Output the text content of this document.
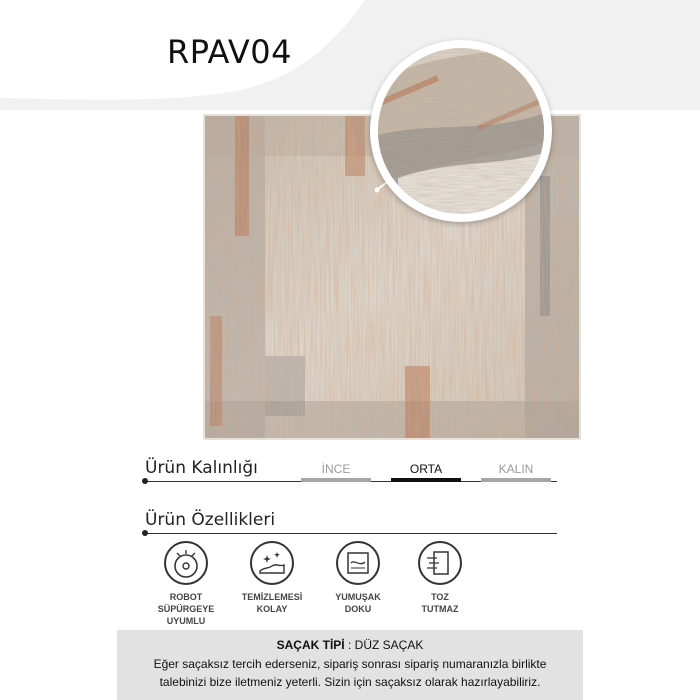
RPAV04
Ürün Kalınlığı	İNCE	ORTA	KALIN
Ürün Özellikleri
ROBOT
SÜPÜRGEYE
UYUMLU
TEMİZLEMESİ
KOLAY
YUMUŞAK
DOKU
TOZ
TUTMAZ
SAÇAK TİPİ : DÜZ SAÇAK
Eğer saçaksız tercih ederseniz, sipariş sonrası sipariş numaranızla birlikte
talebinizi bize iletmeniz yeterli. Sizin için saçaksız olarak hazırlayabiliriz.
